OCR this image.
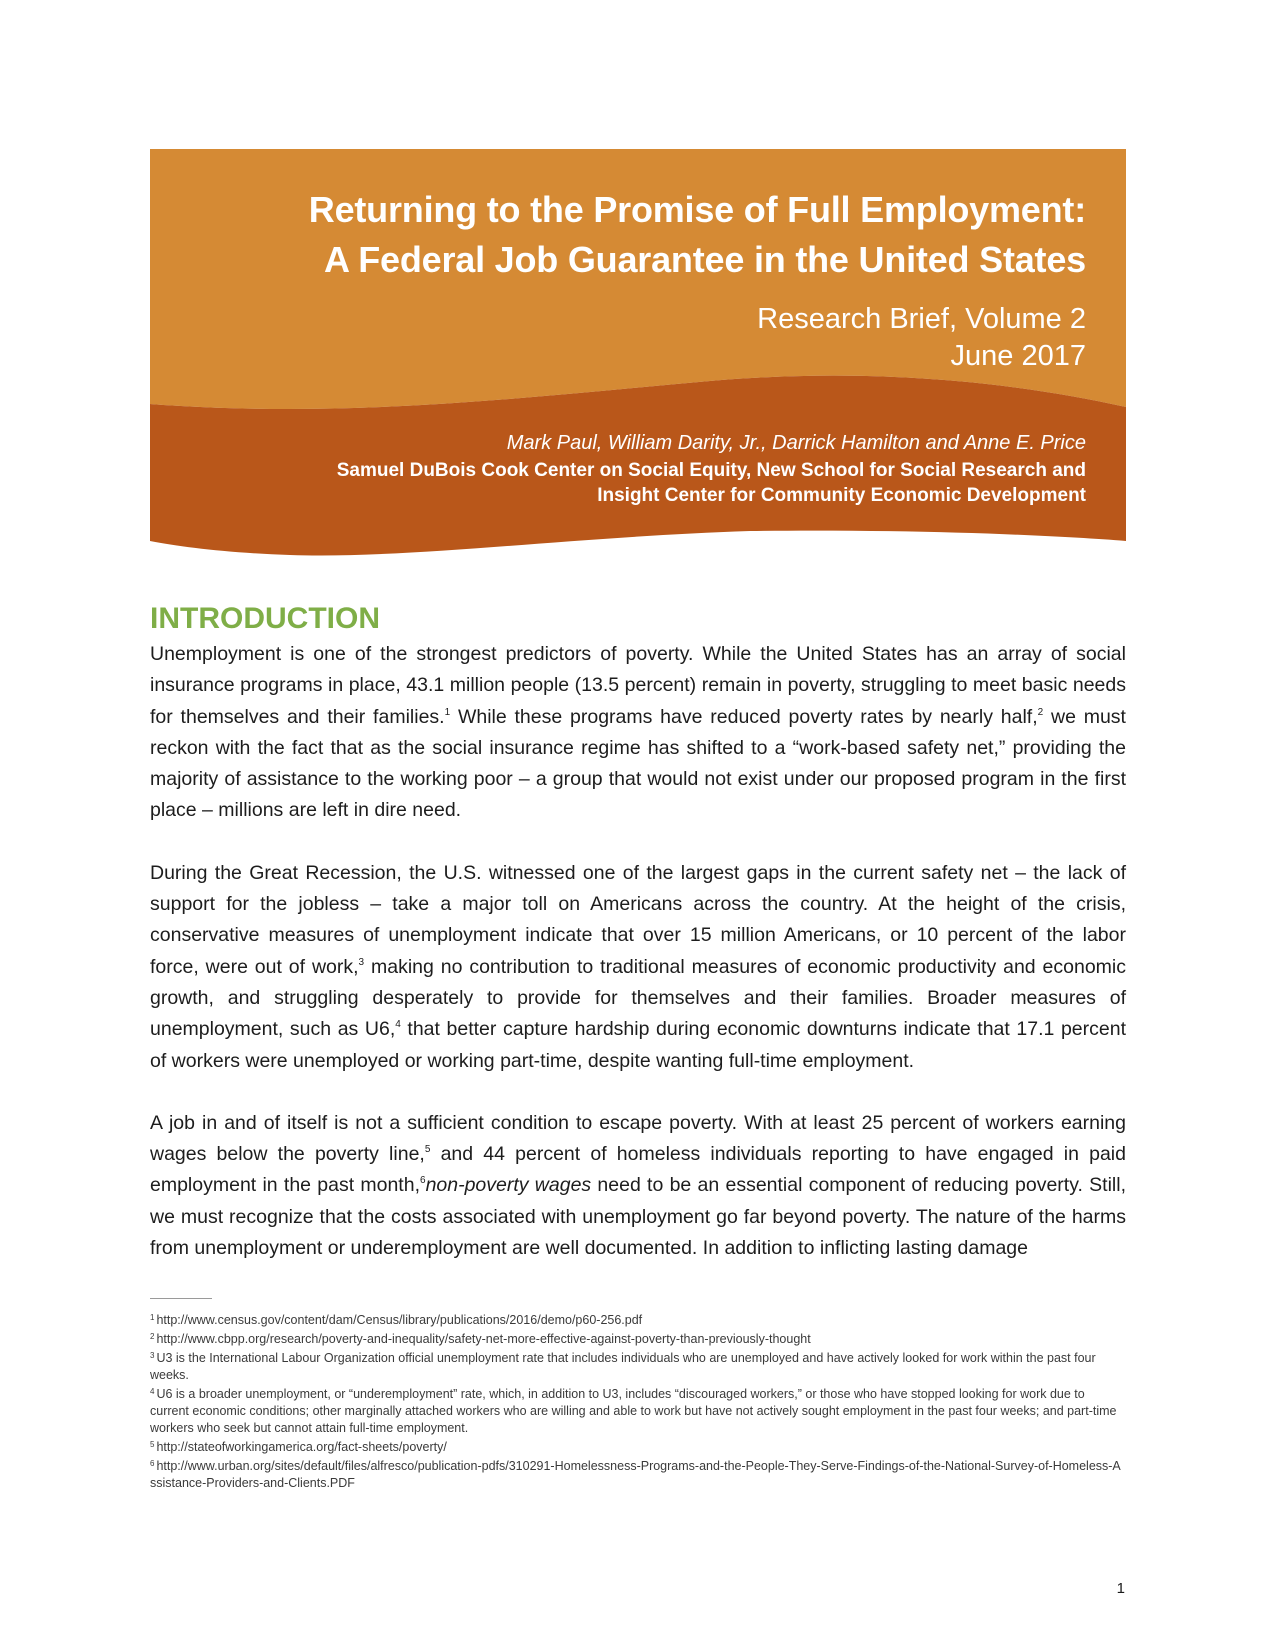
Returning to the Promise of Full Employment:
A Federal Job Guarantee in the United States
Research Brief, Volume 2
June 2017
Mark Paul, William Darity, Jr., Darrick Hamilton and Anne E. Price
Samuel DuBois Cook Center on Social Equity, New School for Social Research and
Insight Center for Community Economic Development
INTRODUCTION

Unemployment is one of the strongest predictors of poverty. While the United States has an array of social insurance programs in place, 43.1 million people (13.5 percent) remain in poverty, struggling to meet basic needs for themselves and their families.$^1$ While these programs have reduced poverty rates by nearly half,$^2$ we must reckon with the fact that as the social insurance regime has shifted to a “work-based safety net,” providing the majority of assistance to the working poor – a group that would not exist under our proposed program in the first place – millions are left in dire need.

During the Great Recession, the U.S. witnessed one of the largest gaps in the current safety net – the lack of support for the jobless – take a major toll on Americans across the country. At the height of the crisis, conservative measures of unemployment indicate that over 15 million Americans, or 10 percent of the labor force, were out of work,$^3$ making no contribution to traditional measures of economic productivity and economic growth, and struggling desperately to provide for themselves and their families. Broader measures of unemployment, such as U6,$^4$ that better capture hardship during economic downturns indicate that 17.1 percent of workers were unemployed or working part-time, despite wanting full-time employment.

A job in and of itself is not a sufficient condition to escape poverty. With at least 25 percent of workers earning wages below the poverty line,$^5$ and 44 percent of homeless individuals reporting to have engaged in paid employment in the past month,$^6$non-poverty wages need to be an essential component of reducing poverty. Still, we must recognize that the costs associated with unemployment go far beyond poverty. The nature of the harms from unemployment or underemployment are well documented. In addition to inflicting lasting damage

$^1$ http://www.census.gov/content/dam/Census/library/publications/2016/demo/p60-256.pdf
$^2$ http://www.cbpp.org/research/poverty-and-inequality/safety-net-more-effective-against-poverty-than-previously-thought
$^3$ U3 is the International Labour Organization official unemployment rate that includes individuals who are unemployed and have actively looked for work within the past four weeks.
$^4$ U6 is a broader unemployment, or “underemployment” rate, which, in addition to U3, includes “discouraged workers,” or those who have stopped looking for work due to current economic conditions; other marginally attached workers who are willing and able to work but have not actively sought employment in the past four weeks; and part-time workers who seek but cannot attain full-time employment.
$^5$ http://stateofworkingamerica.org/fact-sheets/poverty/
$^6$ http://www.urban.org/sites/default/files/alfresco/publication-pdfs/310291-Homelessness-Programs-and-the-People-They-Serve-Findings-of-the-National-Survey-of-Homeless-Assistance-Providers-and-Clients.PDF
1
